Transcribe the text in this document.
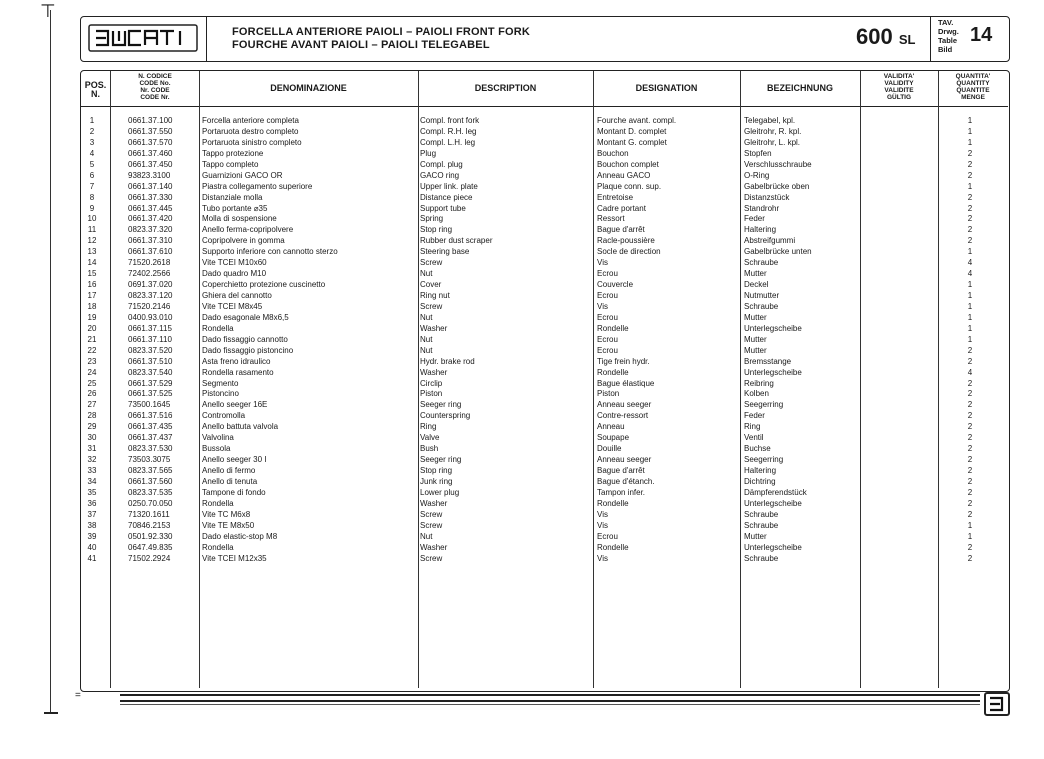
⊤
=
DUCATI
FORCELLA ANTERIORE PAIOLI – PAIOLI FRONT FORK
FOURCHE AVANT PAIOLI – PAIOLI TELEGABEL	600 SL
TAV.
Drwg.
Table
Bild
14
POS.
N.
N. CODICE
CODE No.
Nr. CODE
CODE Nr.
DENOMINAZIONE	DESCRIPTION	DESIGNATION	BEZEICHNUNG
VALIDITA'
VALIDITY
VALIDITE
GÜLTIG
QUANTITA'
QUANTITY
QUANTITE
MENGE
1	0661.37.100	Forcella anteriore completa	Compl. front fork	Fourche avant. compl.	Telegabel, kpl.	1
2	0661.37.550	Portaruota destro completo	Compl. R.H. leg	Montant D. complet	Gleitrohr, R. kpl.	1
3	0661.37.570	Portaruota sinistro completo	Compl. L.H. leg	Montant G. complet	Gleitrohr, L. kpl.	1
4	0661.37.460	Tappo protezione	Plug	Bouchon	Stopfen	2
5	0661.37.450	Tappo completo	Compl. plug	Bouchon complet	Verschlusschraube	2
6	93823.3100	Guarnizioni GACO OR	GACO ring	Anneau GACO	O-Ring	2
7	0661.37.140	Piastra collegamento superiore	Upper link. plate	Plaque conn. sup.	Gabelbrücke oben	1
8	0661.37.330	Distanziale molla	Distance piece	Entretoise	Distanzstück	2
9	0661.37.445	Tubo portante ⌀35	Support tube	Cadre portant	Standrohr	2
10	0661.37.420	Molla di sospensione	Spring	Ressort	Feder	2
11	0823.37.320	Anello ferma-copripolvere	Stop ring	Bague d'arrêt	Haltering	2
12	0661.37.310	Copripolvere in gomma	Rubber dust scraper	Racle-poussière	Abstreifgummi	2
13	0661.37.610	Supporto inferiore con cannotto sterzo	Steering base	Socle de direction	Gabelbrücke unten	1
14	71520.2618	Vite TCEI M10x60	Screw	Vis	Schraube	4
15	72402.2566	Dado quadro M10	Nut	Ecrou	Mutter	4
16	0691.37.020	Coperchietto protezione cuscinetto	Cover	Couvercle	Deckel	1
17	0823.37.120	Ghiera del cannotto	Ring nut	Ecrou	Nutmutter	1
18	71520.2146	Vite TCEI M8x45	Screw	Vis	Schraube	1
19	0400.93.010	Dado esagonale M8x6,5	Nut	Ecrou	Mutter	1
20	0661.37.115	Rondella	Washer	Rondelle	Unterlegscheibe	1
21	0661.37.110	Dado fissaggio cannotto	Nut	Ecrou	Mutter	1
22	0823.37.520	Dado fissaggio pistoncino	Nut	Ecrou	Mutter	2
23	0661.37.510	Asta freno idraulico	Hydr. brake rod	Tige frein hydr.	Bremsstange	2
24	0823.37.540	Rondella rasamento	Washer	Rondelle	Unterlegscheibe	4
25	0661.37.529	Segmento	Circlip	Bague élastique	Reibring	2
26	0661.37.525	Pistoncino	Piston	Piston	Kolben	2
27	73500.1645	Anello seeger 16E	Seeger ring	Anneau seeger	Seegerring	2
28	0661.37.516	Contromolla	Counterspring	Contre-ressort	Feder	2
29	0661.37.435	Anello battuta valvola	Ring	Anneau	Ring	2
30	0661.37.437	Valvolina	Valve	Soupape	Ventil	2
31	0823.37.530	Bussola	Bush	Douille	Buchse	2
32	73503.3075	Anello seeger 30 I	Seeger ring	Anneau seeger	Seegerring	2
33	0823.37.565	Anello di fermo	Stop ring	Bague d'arrêt	Haltering	2
34	0661.37.560	Anello di tenuta	Junk ring	Bague d'étanch.	Dichtring	2
35	0823.37.535	Tampone di fondo	Lower plug	Tampon infer.	Dämpferendstück	2
36	0250.70.050	Rondella	Washer	Rondelle	Unterlegscheibe	2
37	71320.1611	Vite TC M6x8	Screw	Vis	Schraube	2
38	70846.2153	Vite TE M8x50	Screw	Vis	Schraube	1
39	0501.92.330	Dado elastic-stop M8	Nut	Ecrou	Mutter	1
40	0647.49.835	Rondella	Washer	Rondelle	Unterlegscheibe	2
41	71502.2924	Vite TCEI M12x35	Screw	Vis	Schraube	2
